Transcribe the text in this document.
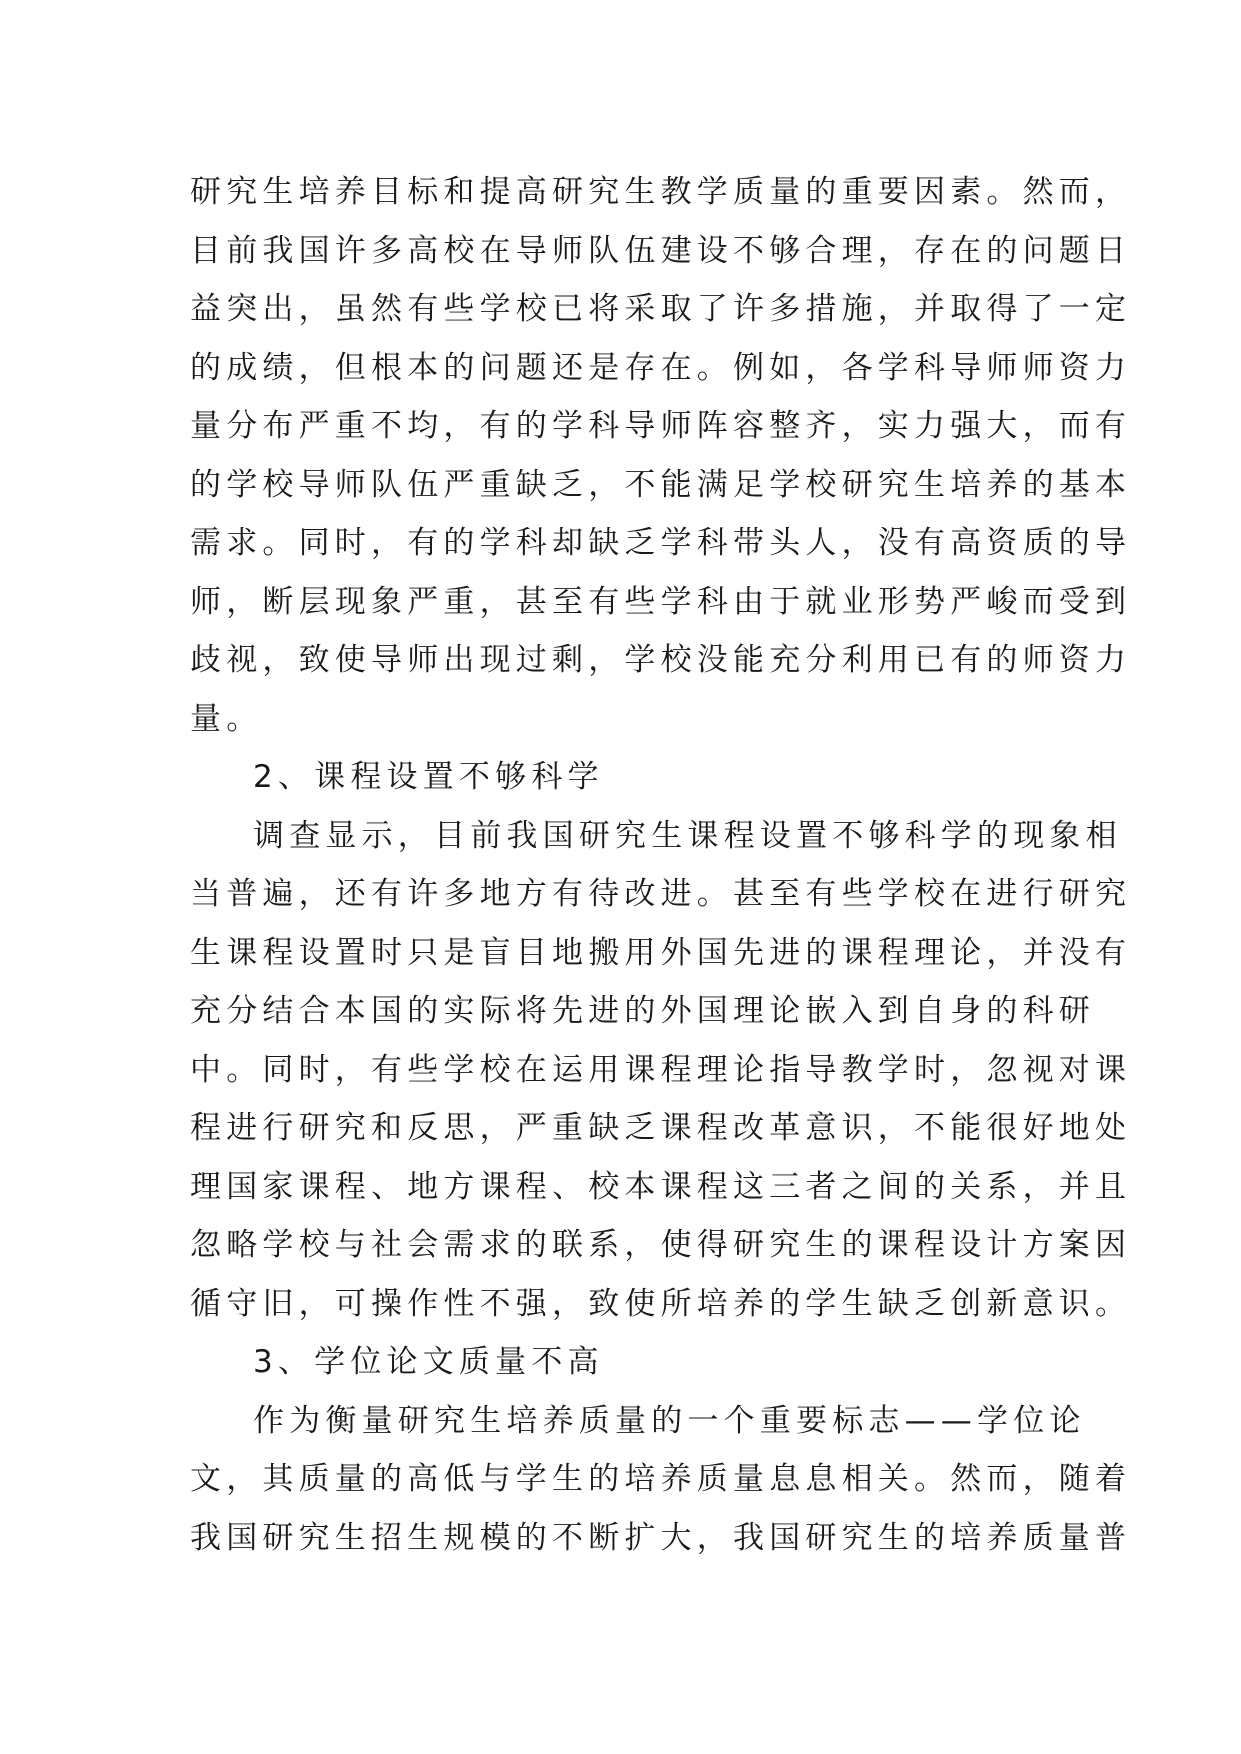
研究生培养目标和提高研究生教学质量的重要因素。然而，
目前我国许多高校在导师队伍建设不够合理，存在的问题日
益突出，虽然有些学校已将采取了许多措施，并取得了一定
的成绩，但根本的问题还是存在。例如，各学科导师师资力
量分布严重不均，有的学科导师阵容整齐，实力强大，而有
的学校导师队伍严重缺乏，不能满足学校研究生培养的基本
需求。同时，有的学科却缺乏学科带头人，没有高资质的导
师，断层现象严重，甚至有些学科由于就业形势严峻而受到
歧视，致使导师出现过剩，学校没能充分利用已有的师资力
量。
2、课程设置不够科学
调查显示，目前我国研究生课程设置不够科学的现象相
当普遍，还有许多地方有待改进。甚至有些学校在进行研究
生课程设置时只是盲目地搬用外国先进的课程理论，并没有
充分结合本国的实际将先进的外国理论嵌入到自身的科研
中。同时，有些学校在运用课程理论指导教学时，忽视对课
程进行研究和反思，严重缺乏课程改革意识，不能很好地处
理国家课程、地方课程、校本课程这三者之间的关系，并且
忽略学校与社会需求的联系，使得研究生的课程设计方案因
循守旧，可操作性不强，致使所培养的学生缺乏创新意识。
3、学位论文质量不高
作为衡量研究生培养质量的一个重要标志——学位论
文，其质量的高低与学生的培养质量息息相关。然而，随着
我国研究生招生规模的不断扩大，我国研究生的培养质量普
